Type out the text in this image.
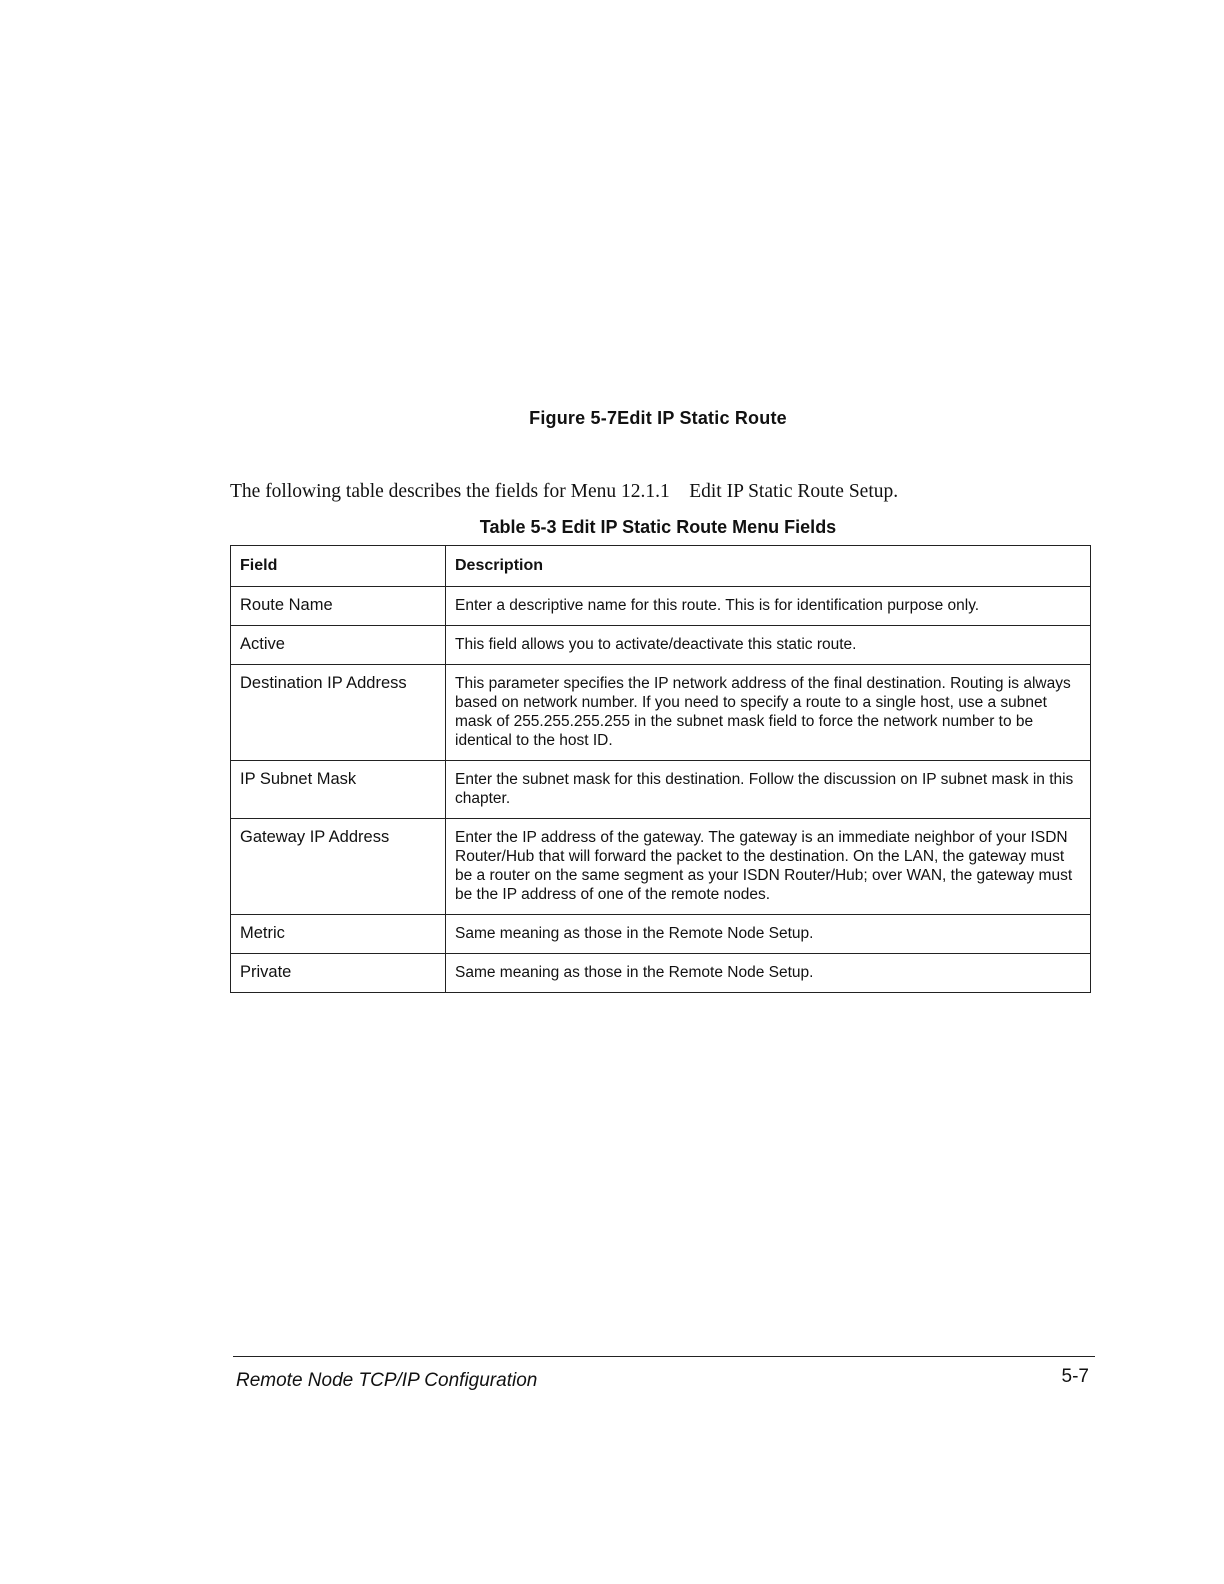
Figure 5-7Edit IP Static Route
The following table describes the fields for Menu 12.1.1    Edit IP Static Route Setup.
Table 5-3 Edit IP Static Route Menu Fields
Field	Description
Route Name	Enter a descriptive name for this route. This is for identification purpose only.
Active	This field allows you to activate/deactivate this static route.
Destination IP Address	This parameter specifies the IP network address of the final destination. Routing is always based on network number. If you need to specify a route to a single host, use a subnet mask of 255.255.255.255 in the subnet mask field to force the network number to be identical to the host ID.
IP Subnet Mask	Enter the subnet mask for this destination. Follow the discussion on IP subnet mask in this chapter.
Gateway IP Address	Enter the IP address of the gateway. The gateway is an immediate neighbor of your ISDN Router/Hub that will forward the packet to the destination. On the LAN, the gateway must be a router on the same segment as your ISDN Router/Hub; over WAN, the gateway must be the IP address of one of the remote nodes.
Metric	Same meaning as those in the Remote Node Setup.
Private	Same meaning as those in the Remote Node Setup.
Remote Node TCP/IP Configuration	5-7
